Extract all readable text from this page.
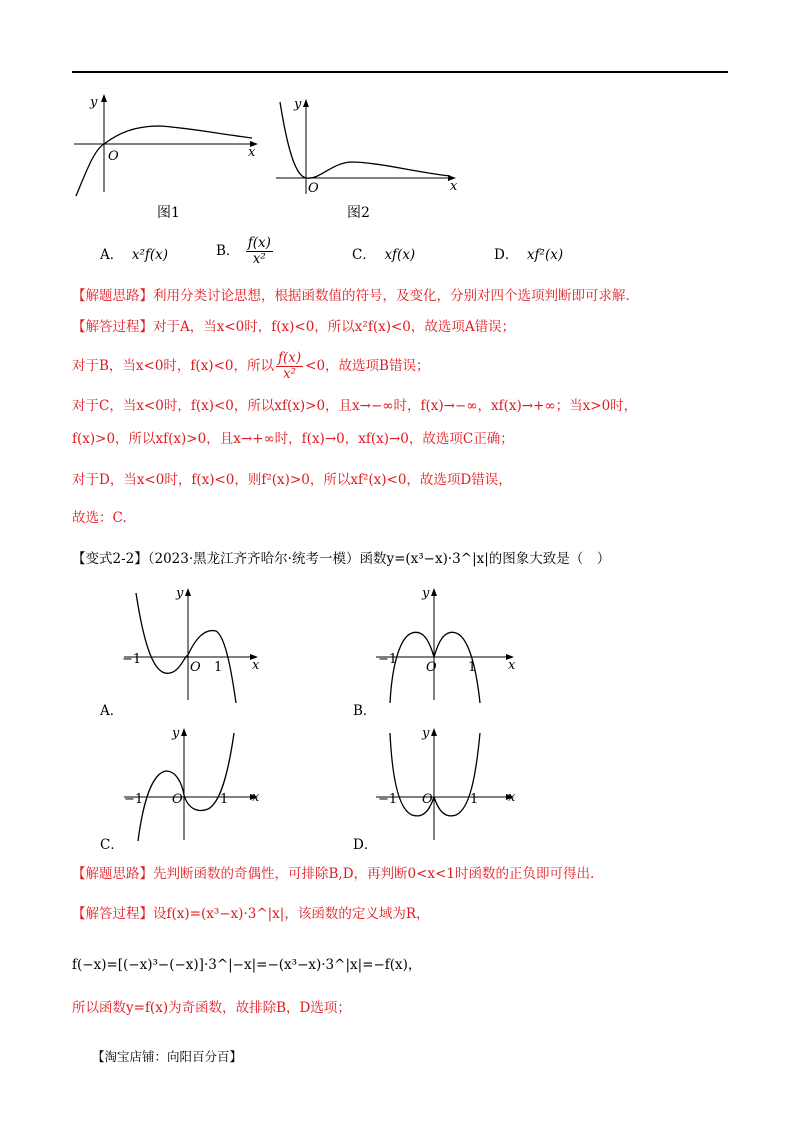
y
x
O
图1
y
x
O
图2
A． x²f(x)	B． $\frac{f(x)}{\text{x²}}$	C． xf(x)	D． xf²(x)
【解题思路】利用分类讨论思想，根据函数值的符号，及变化，分别对四个选项判断即可求解.
【解答过程】对于A，当x<0时，f(x)<0，所以x²f(x)<0，故选项A错误；
对于B，当x<0时，f(x)<0，所以 $\frac{f(x)}{\text{x²}} <0$，故选项B错误；
对于C，当x<0时，f(x)<0，所以xf(x)>0，且x→−∞时，f(x)→−∞，xf(x)→+∞；当x>0时，
f(x)>0，所以xf(x)>0，且x→+∞时，f(x)→0，xf(x)→0，故选项C正确；
对于D，当x<0时，f(x)<0，则f²(x)>0，所以xf²(x)<0，故选项D错误，
故选：C.
【变式2-2】（2023·黑龙江齐齐哈尔·统考一模）函数y=(x³−x)·3^|x|的图象大致是（　）
y
x
−1
O 1
A．
y
x
−1
O 1
B．
y
x
−1 O	1
C．
y
x
−1 O	1
D．
【解题思路】先判断函数的奇偶性，可排除B,D，再判断0<x<1时函数的正负即可得出.
【解答过程】设f(x)=(x³−x)·3^|x|，该函数的定义域为R，
f(−x)=[(−x)³−(−x)]·3^|−x|=−(x³−x)·3^|x|=−f(x)，
所以函数y=f(x)为奇函数，故排除B，D选项；
【淘宝店铺：向阳百分百】
